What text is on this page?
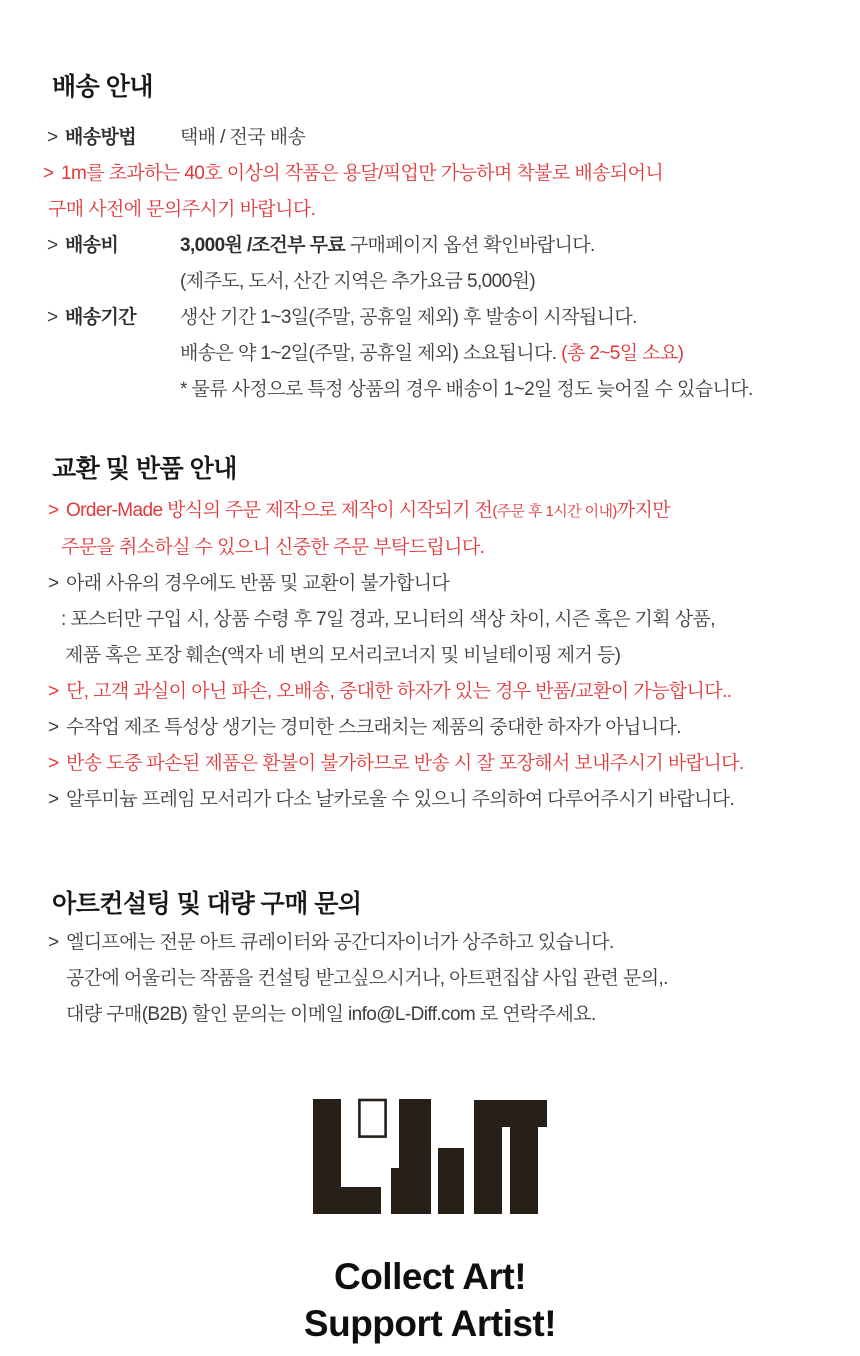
배송 안내
> 배송방법	택배 / 전국 배송
> 1m를 초과하는 40호 이상의 작품은 용달/픽업만 가능하며 착불로 배송되어니
구매 사전에 문의주시기 바랍니다.
> 배송비	3,000원 /조건부 무료 구매페이지 옵션 확인바랍니다.
(제주도, 도서, 산간 지역은 추가요금 5,000원)
> 배송기간	생산 기간 1~3일(주말, 공휴일 제외) 후 발송이 시작됩니다.
배송은 약 1~2일(주말, 공휴일 제외) 소요됩니다. (총 2~5일 소요)
* 물류 사정으로 특정 상품의 경우 배송이 1~2일 정도 늦어질 수 있습니다.
교환 및 반품 안내
> Order-Made 방식의 주문 제작으로 제작이 시작되기 전(주문 후 1시간 이내)까지만
주문을 취소하실 수 있으니 신중한 주문 부탁드립니다.
> 아래 사유의 경우에도 반품 및 교환이 불가합니다
: 포스터만 구입 시, 상품 수령 후 7일 경과, 모니터의 색상 차이, 시즌 혹은 기획 상품,
제품 혹은 포장 훼손(액자 네 변의 모서리코너지 및 비닐테이핑 제거 등)
> 단, 고객 과실이 아닌 파손, 오배송, 중대한 하자가 있는 경우 반품/교환이 가능합니다..
> 수작업 제조 특성상 생기는 경미한 스크래치는 제품의 중대한 하자가 아닙니다.
> 반송 도중 파손된 제품은 환불이 불가하므로 반송 시 잘 포장해서 보내주시기 바랍니다.
> 알루미늄 프레임 모서리가 다소 날카로울 수 있으니 주의하여 다루어주시기 바랍니다.
아트컨설팅 및 대량 구매 문의
> 엘디프에는 전문 아트 큐레이터와 공간디자이너가 상주하고 있습니다.
공간에 어울리는 작품을 컨설팅 받고싶으시거나, 아트편집샵 사입 관련 문의,.
대량 구매(B2B) 할인 문의는 이메일 info@L-Diff.com 로 연락주세요.
Collect Art!
Support Artist!
